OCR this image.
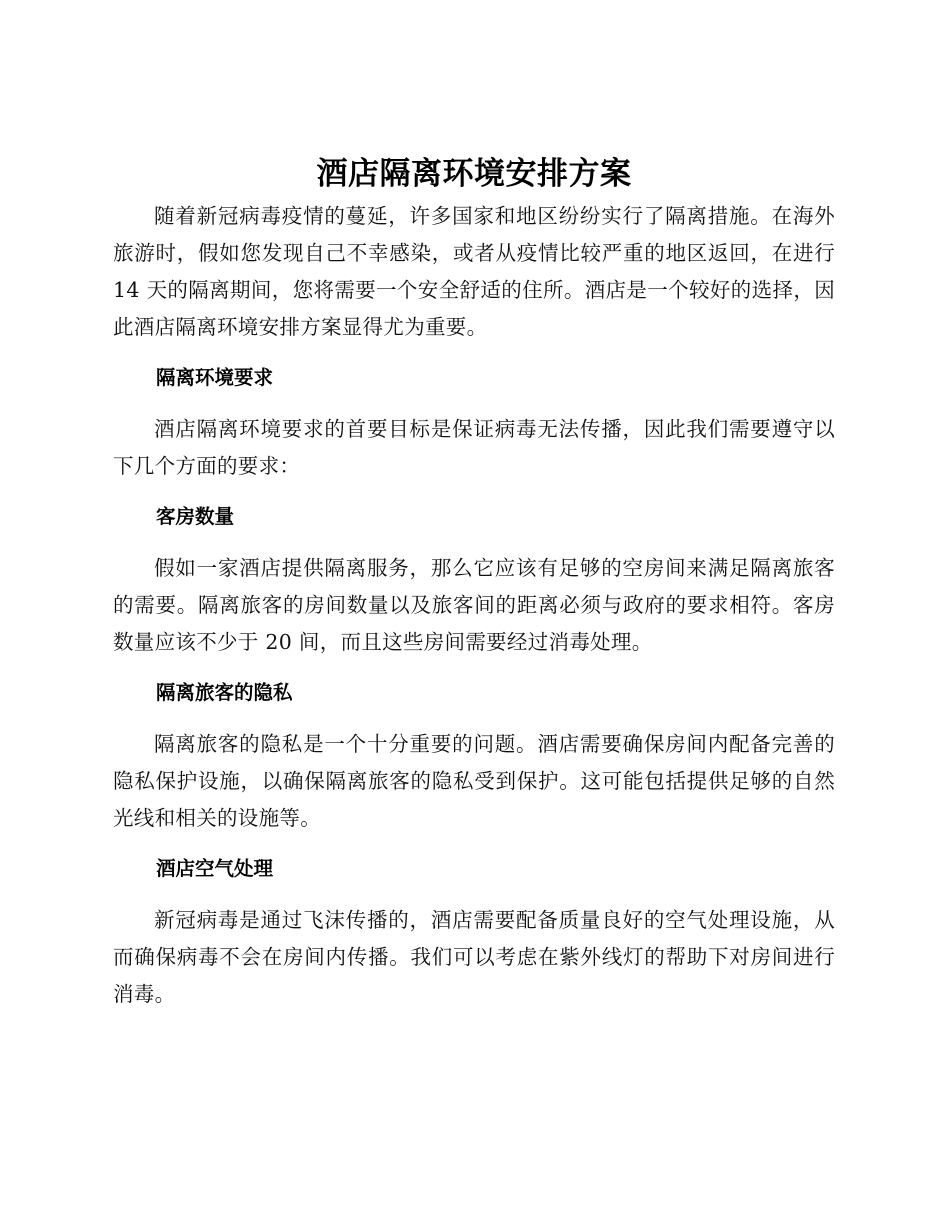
酒店隔离环境安排方案

随着新冠病毒疫情的蔓延，许多国家和地区纷纷实行了隔离措施。在海外旅游时，假如您发现自己不幸感染，或者从疫情比较严重的地区返回，在进行 14 天的隔离期间，您将需要一个安全舒适的住所。酒店是一个较好的选择，因此酒店隔离环境安排方案显得尤为重要。

隔离环境要求

酒店隔离环境要求的首要目标是保证病毒无法传播，因此我们需要遵守以下几个方面的要求：

客房数量

假如一家酒店提供隔离服务，那么它应该有足够的空房间来满足隔离旅客的需要。隔离旅客的房间数量以及旅客间的距离必须与政府的要求相符。客房数量应该不少于 20 间，而且这些房间需要经过消毒处理。

隔离旅客的隐私

隔离旅客的隐私是一个十分重要的问题。酒店需要确保房间内配备完善的隐私保护设施，以确保隔离旅客的隐私受到保护。这可能包括提供足够的自然光线和相关的设施等。

酒店空气处理

新冠病毒是通过飞沫传播的，酒店需要配备质量良好的空气处理设施，从而确保病毒不会在房间内传播。我们可以考虑在紫外线灯的帮助下对房间进行消毒。
